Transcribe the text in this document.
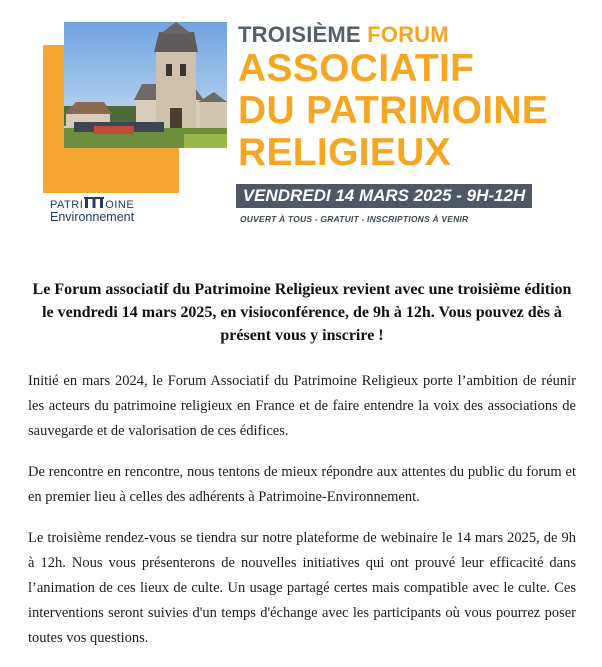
PATRI OINE
Environnement

TROISIÈME FORUM

ASSOCIATIF

DU PATRIMOINE

RELIGIEUX

VENDREDI 14 MARS 2025 - 9H-12H
OUVERT À TOUS - GRATUIT - INSCRIPTIONS À VENIR

Le Forum associatif du Patrimoine Religieux revient avec une troisième édition le vendredi 14 mars 2025, en visioconférence, de 9h à 12h. Vous pouvez dès à présent vous y inscrire !

Initié en mars 2024, le Forum Associatif du Patrimoine Religieux porte l’ambition de réunir les acteurs du patrimoine religieux en France et de faire entendre la voix des associations de sauvegarde et de valorisation de ces édifices.

De rencontre en rencontre, nous tentons de mieux répondre aux attentes du public du forum et en premier lieu à celles des adhérents à Patrimoine-Environnement.

Le troisième rendez-vous se tiendra sur notre plateforme de webinaire le 14 mars 2025, de 9h à 12h. Nous vous présenterons de nouvelles initiatives qui ont prouvé leur efficacité dans l’animation de ces lieux de culte. Un usage partagé certes mais compatible avec le culte. Ces interventions seront suivies d'un temps d'échange avec les participants où vous pourrez poser toutes vos questions.
